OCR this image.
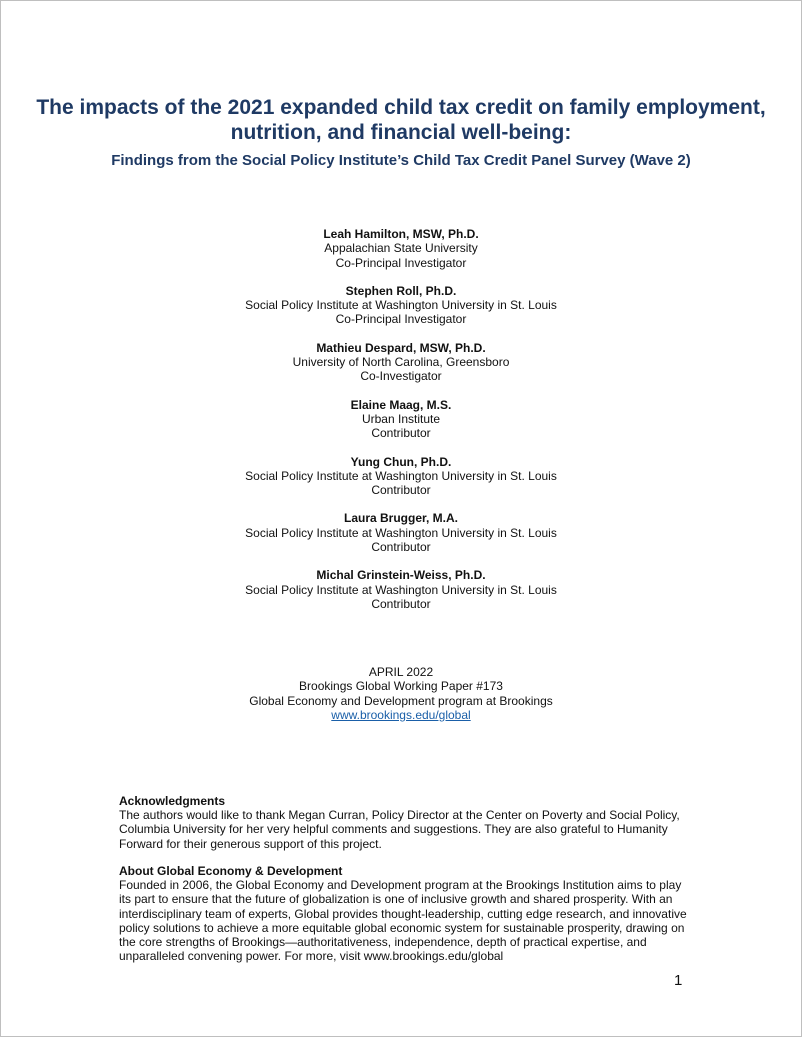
The impacts of the 2021 expanded child tax credit on family employment, nutrition, and financial well-being:
Findings from the Social Policy Institute’s Child Tax Credit Panel Survey (Wave 2)
Leah Hamilton, MSW, Ph.D.
Appalachian State University
Co-Principal Investigator
Stephen Roll, Ph.D.
Social Policy Institute at Washington University in St. Louis
Co-Principal Investigator
Mathieu Despard, MSW, Ph.D.
University of North Carolina, Greensboro
Co-Investigator
Elaine Maag, M.S.
Urban Institute
Contributor
Yung Chun, Ph.D.
Social Policy Institute at Washington University in St. Louis
Contributor
Laura Brugger, M.A.
Social Policy Institute at Washington University in St. Louis
Contributor
Michal Grinstein-Weiss, Ph.D.
Social Policy Institute at Washington University in St. Louis
Contributor
APRIL 2022
Brookings Global Working Paper #173
Global Economy and Development program at Brookings
www.brookings.edu/global
Acknowledgments
The authors would like to thank Megan Curran, Policy Director at the Center on Poverty and Social Policy, Columbia University for her very helpful comments and suggestions. They are also grateful to Humanity Forward for their generous support of this project.
About Global Economy & Development
Founded in 2006, the Global Economy and Development program at the Brookings Institution aims to play its part to ensure that the future of globalization is one of inclusive growth and shared prosperity. With an interdisciplinary team of experts, Global provides thought-leadership, cutting edge research, and innovative policy solutions to achieve a more equitable global economic system for sustainable prosperity, drawing on the core strengths of Brookings—authoritativeness, independence, depth of practical expertise, and unparalleled convening power. For more, visit www.brookings.edu/global
1
